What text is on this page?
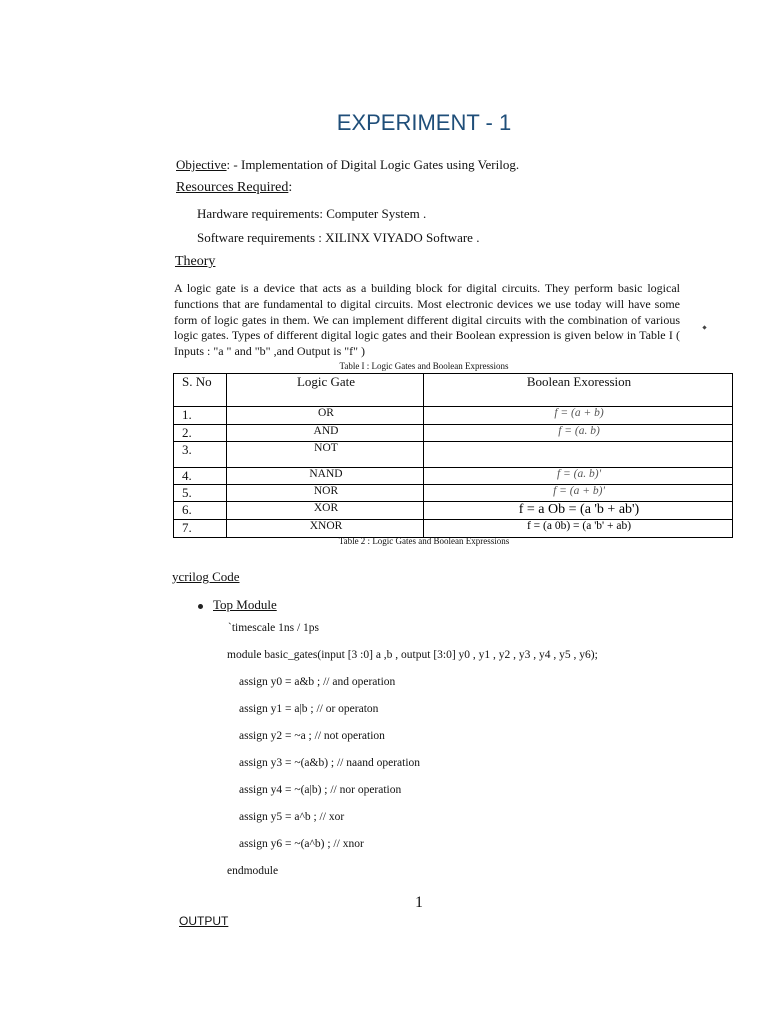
EXPERIMENT - 1
Objective: - Implementation of Digital Logic Gates using Verilog.
Resources Required:
Hardware requirements: Computer System .
Software requirements : XILINX VIYADO Software .
Theory
A logic gate is a device that acts as a building block for digital circuits. They perform basic logical functions that are fundamental to digital circuits. Most electronic devices we use today will have some form of logic gates in them. We can implement different digital circuits with the combination of various logic gates. Types of different digital logic gates and their Boolean expression is given below in Table I ( Inputs : "a " and "b" ,and Output is "f" )
Table I : Logic Gates and Boolean Expressions
S. No	Logic Gate	Boolean Exoression
1.	OR	f = (a + b)
2.	AND	f = (a. b)
3.	NOT	
4.	NAND	f = (a. b)'
5.	NOR	f = (a + b)'
6.	XOR	f = a Ob = (a 'b + ab')
7.	XNOR	f = (a 0b) = (a 'b' + ab)
Table 2 : Logic Gates and Boolean Expressions
ycrilog Code
Top Module
`timescale 1ns / 1ps
module basic_gates(input [3 :0] a ,b , output [3:0] y0 , y1 , y2 , y3 , y4 , y5 , y6);
assign y0 = a&b ; // and operation
assign y1 = a|b ; // or operaton
assign y2 = ~a ; // not operation
assign y3 = ~(a&b) ; // naand operation
assign y4 = ~(a|b) ; // nor operation
assign y5 = a^b ; // xor
assign y6 = ~(a^b) ; // xnor
endmodule
1
OUTPUT
